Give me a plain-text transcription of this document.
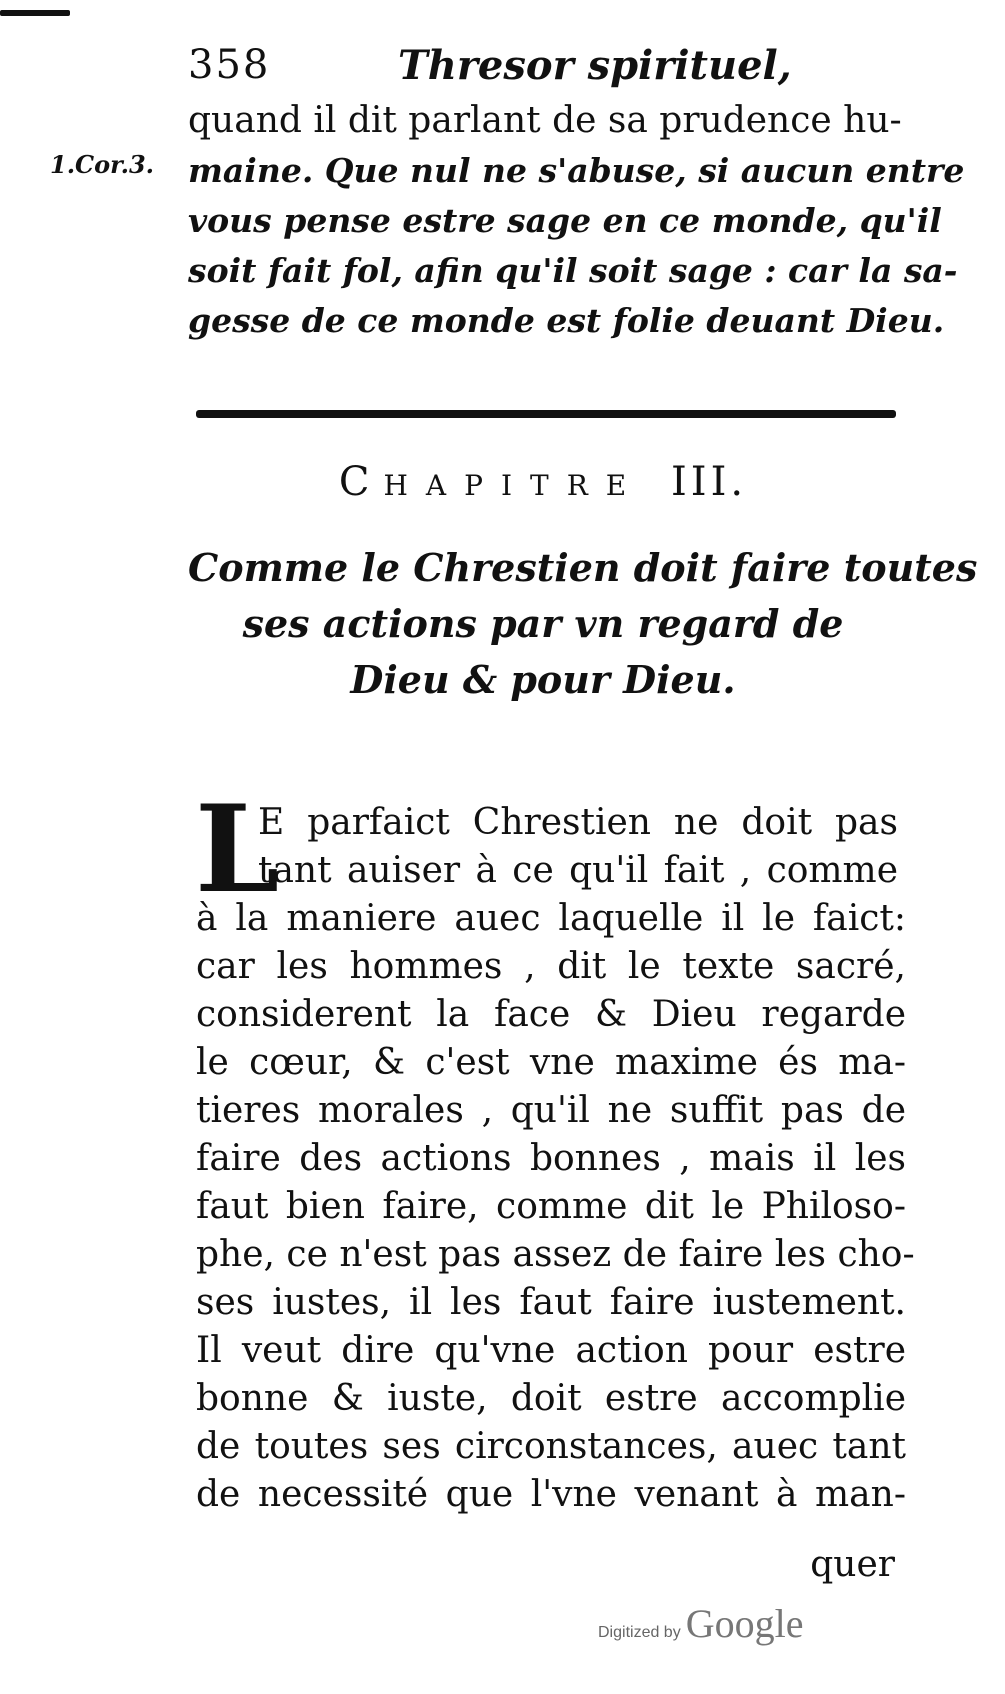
358	Thresor spirituel,
1.Cor.3.
quand il dit parlant de sa prudence hu-
maine. Que nul ne s'abuse, si aucun entre
vous pense estre sage en ce monde, qu'il
soit fait fol, afin qu'il soit sage : car la sa-
gesse de ce monde est folie deuant Dieu.
CHAPITRE III.
Comme le Chrestien doit faire toutes
ses actions par vn regard de
Dieu & pour Dieu.
L
E parfaict Chrestien ne doit pas
tant auiser à ce qu'il fait , comme
à la maniere auec laquelle il le faict:
car les hommes , dit le texte sacré,
considerent la face & Dieu regarde
le cœur, & c'est vne maxime és ma-
tieres morales , qu'il ne suffit pas de
faire des actions bonnes , mais il les
faut bien faire, comme dit le Philoso-
phe, ce n'est pas assez de faire les cho-
ses iustes, il les faut faire iustement.
Il veut dire qu'vne action pour estre
bonne & iuste, doit estre accomplie
de toutes ses circonstances, auec tant
de necessité que l'vne venant à man-
quer
Digitized by Google
